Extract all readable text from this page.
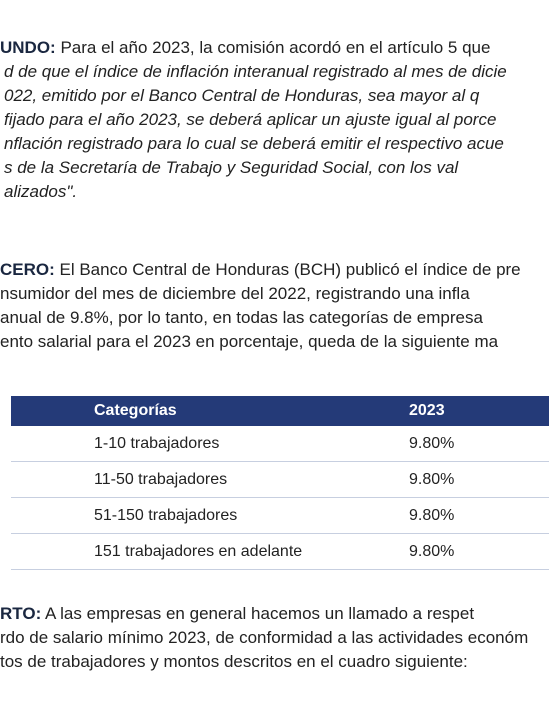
UNDO: Para el año 2023, la comisión acordó en el artículo 5 que
d de que el índice de inflación interanual registrado al mes de dicie
022, emitido por el Banco Central de Honduras, sea mayor al q
fijado para el año 2023, se deberá aplicar un ajuste igual al porce
nflación registrado para lo cual se deberá emitir el respectivo acue
s de la Secretaría de Trabajo y Seguridad Social, con los val
alizados".
CERO: El Banco Central de Honduras (BCH) publicó el índice de pre
nsumidor del mes de diciembre del 2022, registrando una infla
anual de 9.8%, por lo tanto, en todas las categorías de empresa
ento salarial para el 2023 en porcentaje, queda de la siguiente ma
Categorías	2023
1-10 trabajadores	9.80%
11-50 trabajadores	9.80%
51-150 trabajadores	9.80%
151 trabajadores en adelante	9.80%
RTO: A las empresas en general hacemos un llamado a respet
rdo de salario mínimo 2023, de conformidad a las actividades económ
tos de trabajadores y montos descritos en el cuadro siguiente:
